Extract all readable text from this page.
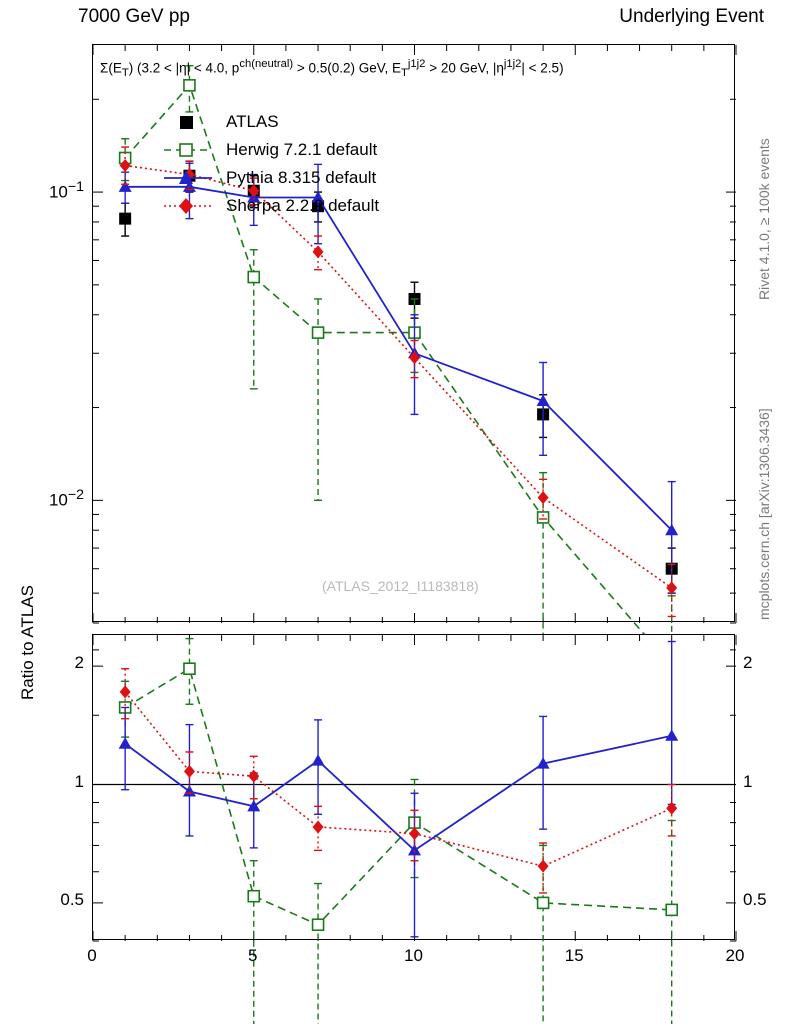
7000 GeV pp	Underlying Event
$\Sigma(E_T) (3.2 < |\eta| < 4.0$, $p^{ch(neutral)} > 0.5(0.2)$ GeV, $E_T^{j1j2} > 20$ GeV, $|\eta^{j1j2}| < 2.5$)
ATLAS
Herwig 7.2.1 default
Pythia 8.315 default
Sherpa 2.2.9 default
(ATLAS_2012_I1183818)
Ratio to ATLAS
Rivet 4.1.0, ≥ 100k events
mcplots.cern.ch [arXiv:1306.3436]
$10^{-1}$
$10^{-2}$
2	2
1	1
0.5	0.5
0	5	10	15	20
